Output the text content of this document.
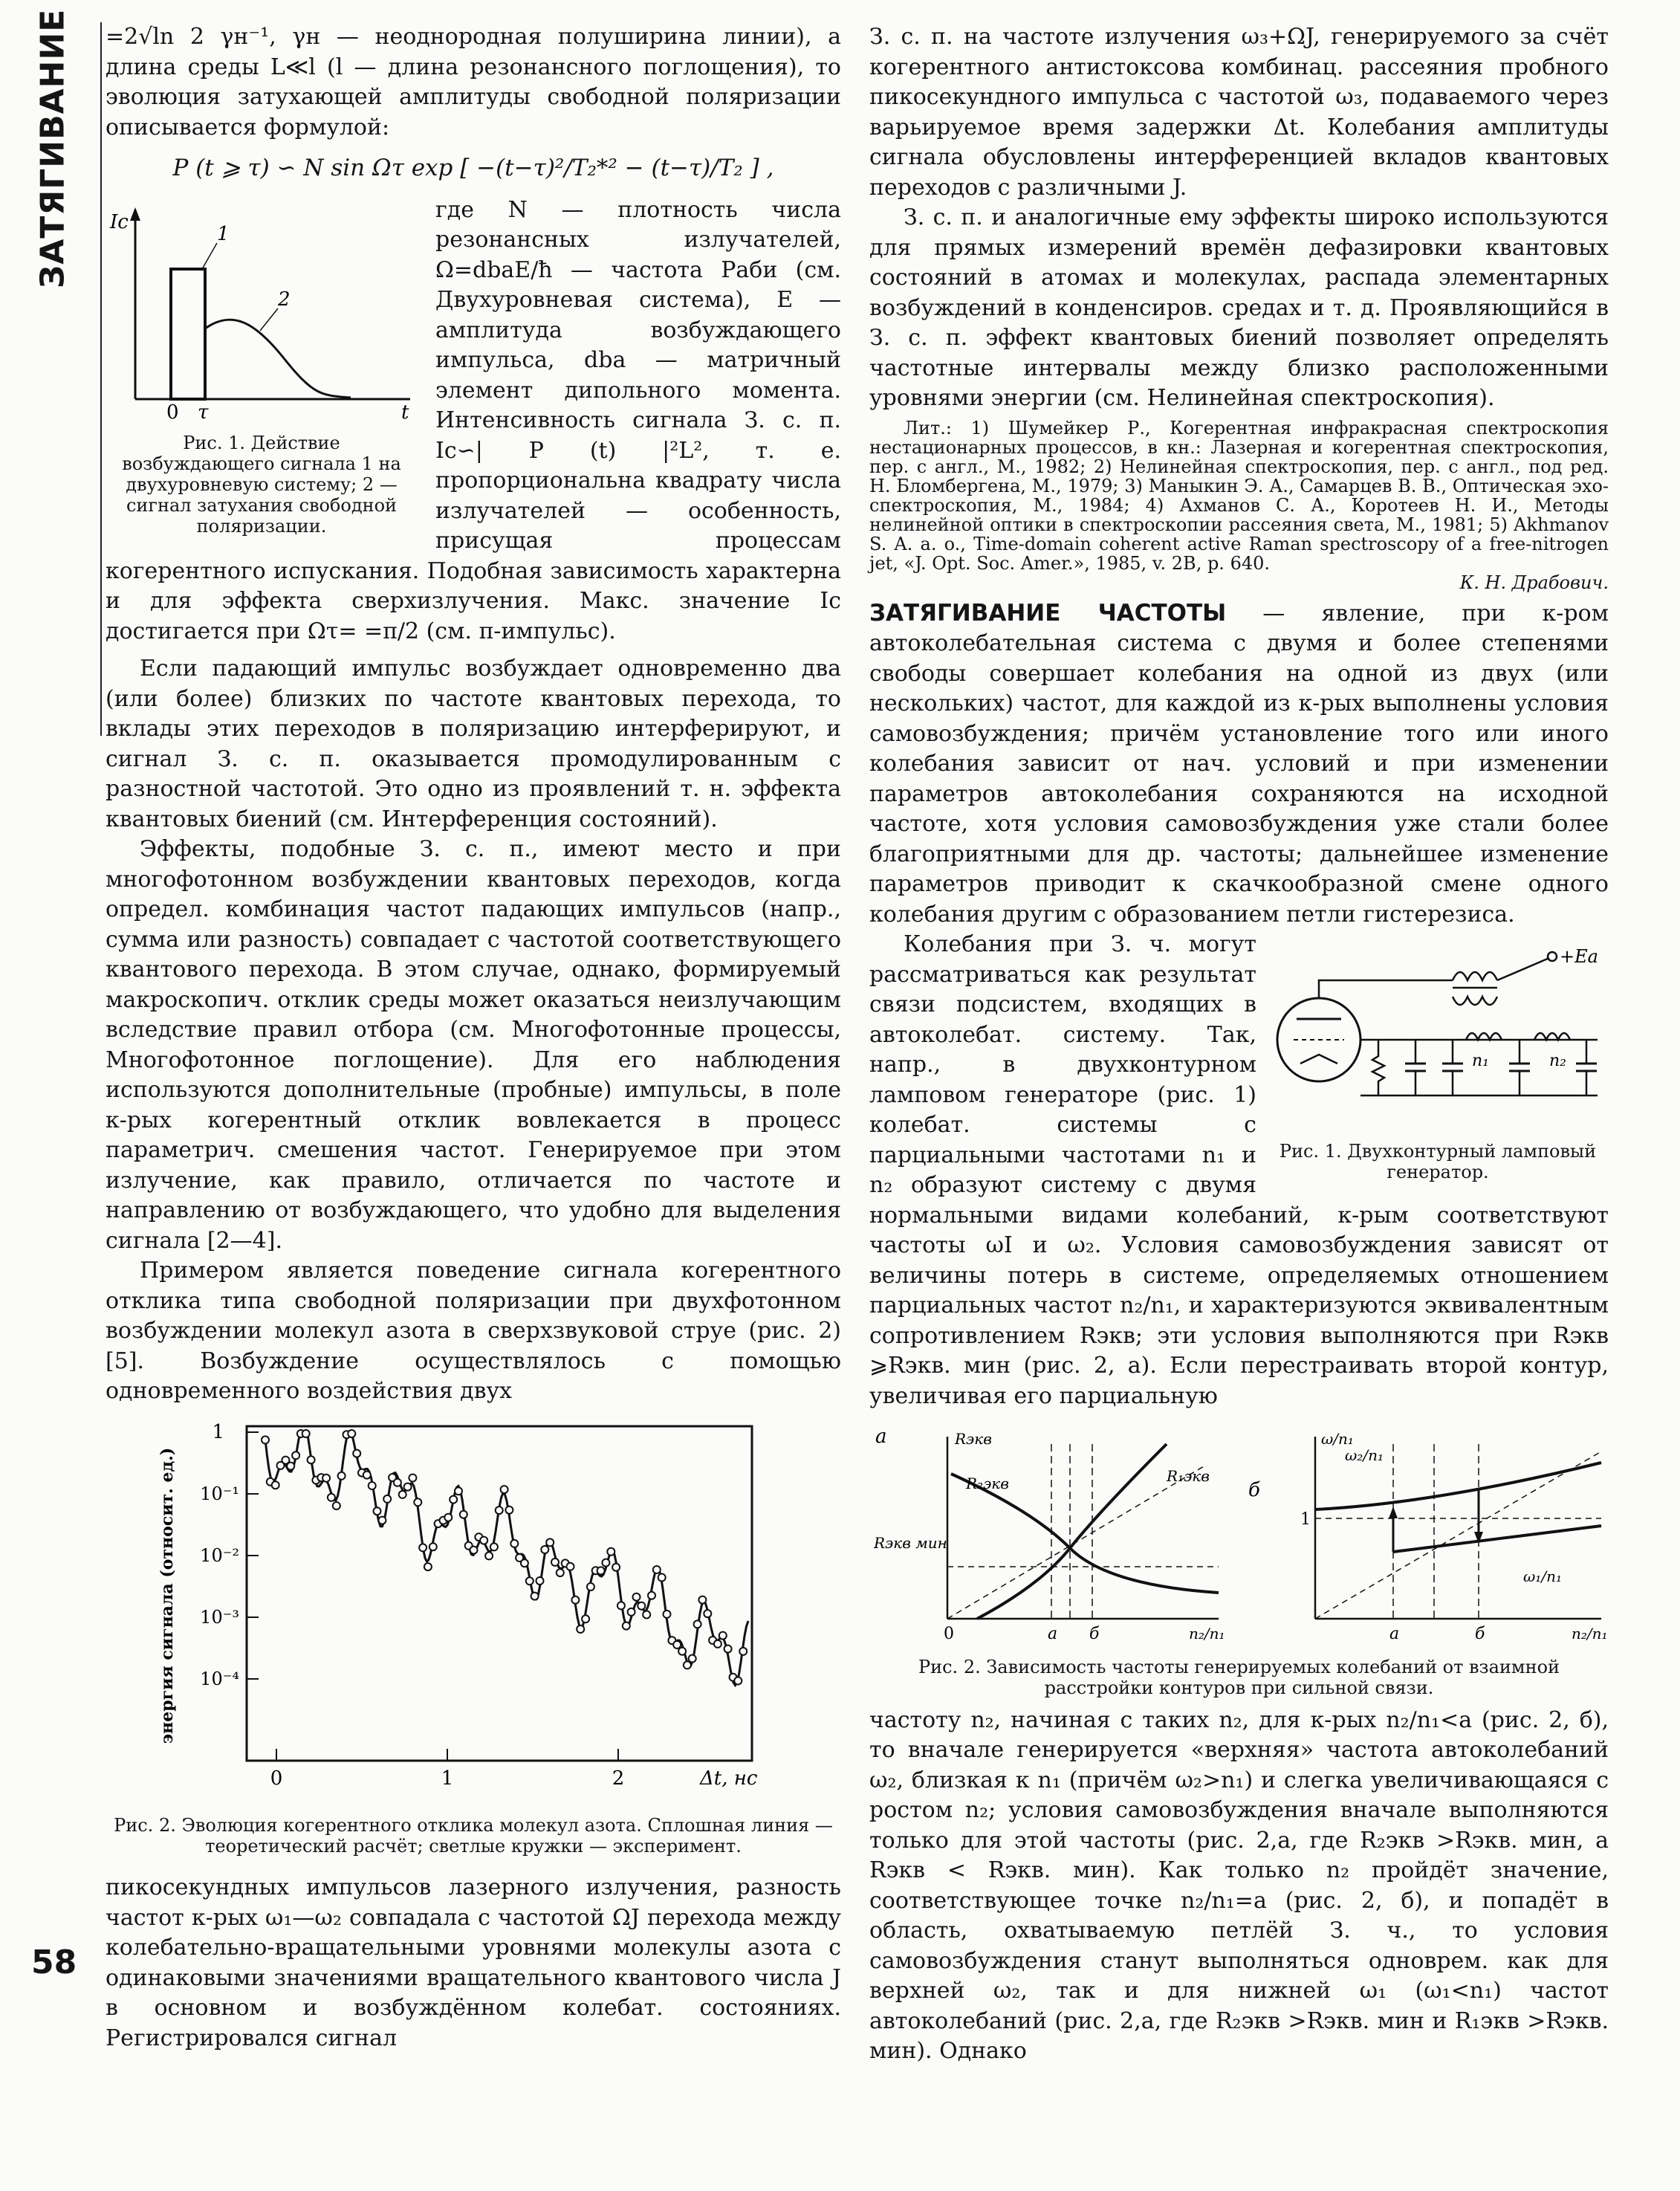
ЗАТЯГИВАНИЕ
58

=2√ln 2 γн⁻¹, γн — неоднородная полуширина линии), а длина среды L≪l (l — длина резонансного поглощения), то эволюция затухающей амплитуды свободной поляризации описывается формулой:

P (t ⩾ τ) ∽ N sin Ωτ exp [ −(t−τ)²/T₂*² − (t−τ)/T₂ ] ,
Ic
1
2
0 τ	t
Рис. 1. Действие возбуждающего сигнала 1 на двухуровневую систему; 2 — сигнал затухания свободной поляризации.

где N — плотность числа резонансных излучателей, Ω=dbaE/ħ — частота Раби (см. Двухуровневая система), E — амплитуда возбуждающего импульса, dba — матричный элемент дипольного момента. Интенсивность сигнала З. с. п. Ic∽| P (t) |²L², т. е. пропорциональна квадрату числа излучателей — особенность, присущая процессам когерентного испускания. Подобная зависимость характерна и для эффекта сверхизлучения. Макс. значение Ic достигается при Ωτ= =π/2 (см. π-импульс).

Если падающий импульс возбуждает одновременно два (или более) близких по частоте квантовых перехода, то вклады этих переходов в поляризацию интерферируют, и сигнал З. с. п. оказывается промодулированным с разностной частотой. Это одно из проявлений т. н. эффекта квантовых биений (см. Интерференция состояний).

Эффекты, подобные З. с. п., имеют место и при многофотонном возбуждении квантовых переходов, когда определ. комбинация частот падающих импульсов (напр., сумма или разность) совпадает с частотой соответствующего квантового перехода. В этом случае, однако, формируемый макроскопич. отклик среды может оказаться неизлучающим вследствие правил отбора (см. Многофотонные процессы, Многофотонное поглощение). Для его наблюдения используются дополнительные (пробные) импульсы, в поле к-рых когерентный отклик вовлекается в процесс параметрич. смешения частот. Генерируемое при этом излучение, как правило, отличается по частоте и направлению от возбуждающего, что удобно для выделения сигнала [2—4].

Примером является поведение сигнала когерентного отклика типа свободной поляризации при двухфотонном возбуждении молекул азота в сверхзвуковой струе (рис. 2) [5]. Возбуждение осуществлялось с помощью одновременного воздействия двух

1
10⁻¹
10⁻²
10⁻³
10⁻⁴
0	1	2	Δt, нс
энергия сигнала (относит. ед.)
Рис. 2. Эволюция когерентного отклика молекул азота. Сплошная линия — теоретический расчёт; светлые кружки — эксперимент.

пикосекундных импульсов лазерного излучения, разность частот к-рых ω₁—ω₂ совпадала с частотой ΩJ перехода между колебательно-вращательными уровнями молекулы азота с одинаковыми значениями вращательного квантового числа J в основном и возбуждённом колебат. состояниях. Регистрировался сигнал

З. с. п. на частоте излучения ω₃+ΩJ, генерируемого за счёт когерентного антистоксова комбинац. рассеяния пробного пикосекундного импульса с частотой ω₃, подаваемого через варьируемое время задержки Δt. Колебания амплитуды сигнала обусловлены интерференцией вкладов квантовых переходов с различными J.

З. с. п. и аналогичные ему эффекты широко используются для прямых измерений времён дефазировки квантовых состояний в атомах и молекулах, распада элементарных возбуждений в конденсиров. средах и т. д. Проявляющийся в З. с. п. эффект квантовых биений позволяет определять частотные интервалы между близко расположенными уровнями энергии (см. Нелинейная спектроскопия).

Лит.: 1) Шумейкер Р., Когерентная инфракрасная спектроскопия нестационарных процессов, в кн.: Лазерная и когерентная спектроскопия, пер. с англ., М., 1982; 2) Нелинейная спектроскопия, пер. с англ., под ред. Н. Бломбергена, М., 1979; 3) Маныкин Э. А., Самарцев В. В., Оптическая эхо-спектроскопия, М., 1984; 4) Ахманов С. А., Коротеев Н. И., Методы нелинейной оптики в спектроскопии рассеяния света, М., 1981; 5) Akhmanov S. A. a. o., Time-domain coherent active Raman spectroscopy of a free-nitrogen jet, «J. Opt. Soc. Amer.», 1985, v. 2B, p. 640.
К. Н. Драбович.

ЗАТЯГИВАНИЕ ЧАСТОТЫ — явление, при к-ром автоколебательная система с двумя и более степенями свободы совершает колебания на одной из двух (или нескольких) частот, для каждой из к-рых выполнены условия самовозбуждения; причём установление того или иного колебания зависит от нач. условий и при изменении параметров автоколебания сохраняются на исходной частоте, хотя условия самовозбуждения уже стали более благоприятными для др. частоты; дальнейшее изменение параметров приводит к скачкообразной смене одного колебания другим с образованием петли гистерезиса.

+Ea
n₁	n₂
Рис. 1. Двухконтурный ламповый генератор.

Колебания при З. ч. могут рассматриваться как результат связи подсистем, входящих в автоколебат. систему. Так, напр., в двухконтурном ламповом генераторе (рис. 1) колебат. системы с парциальными частотами n₁ и n₂ образуют систему с двумя нормальными видами колебаний, к-рым соответствуют частоты ωI и ω₂. Условия самовозбуждения зависят от величины потерь в системе, определяемых отношением парциальных частот n₂/n₁, и характеризуются эквивалентным сопротивлением Rэкв; эти условия выполняются при Rэкв ⩾Rэкв. мин (рис. 2, а). Если перестраивать второй контур, увеличивая его парциальную

а	Rэкв
R₂экв	R₁экв
Rэкв мин
0	a б	n₂/n₁
б
ω/n₁
ω₂/n₁
ω₁/n₁
1
a	б	n₂/n₁
Рис. 2. Зависимость частоты генерируемых колебаний от взаимной расстройки контуров при сильной связи.

частоту n₂, начиная с таких n₂, для к-рых n₂/n₁<a (рис. 2, б), то вначале генерируется «верхняя» частота автоколебаний ω₂, близкая к n₁ (причём ω₂>n₁) и слегка увеличивающаяся с ростом n₂; условия самовозбуждения вначале выполняются только для этой частоты (рис. 2,а, где R₂экв >Rэкв. мин, а Rэкв < Rэкв. мин). Как только n₂ пройдёт значение, соответствующее точке n₂/n₁=a (рис. 2, б), и попадёт в область, охватываемую петлёй З. ч., то условия самовозбуждения станут выполняться одноврем. как для верхней ω₂, так и для нижней ω₁ (ω₁<n₁) частот автоколебаний (рис. 2,а, где R₂экв >Rэкв. мин и R₁экв >Rэкв. мин). Однако
